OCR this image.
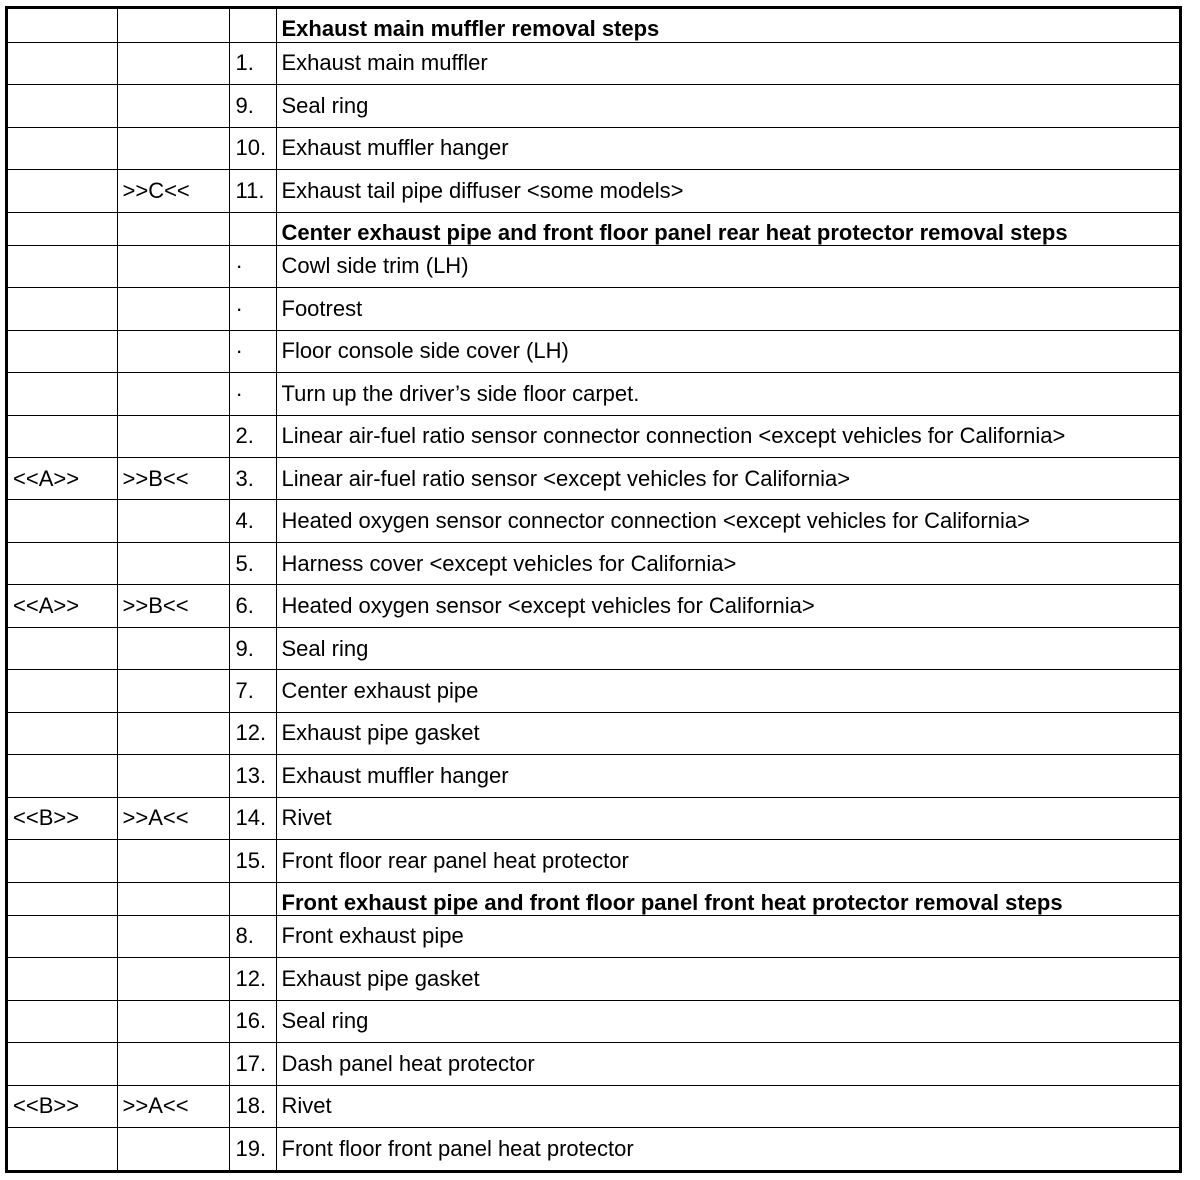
			Exhaust main muffler removal steps
		1.	Exhaust main muffler
		9.	Seal ring
		10.	Exhaust muffler hanger
	>>C<<	11.	Exhaust tail pipe diffuser <some models>
			Center exhaust pipe and front floor panel rear heat protector removal steps
		·	Cowl side trim (LH)
		·	Footrest
		·	Floor console side cover (LH)
		·	Turn up the driver’s side floor carpet.
		2.	Linear air-fuel ratio sensor connector connection <except vehicles for California>
<<A>>	>>B<<	3.	Linear air-fuel ratio sensor <except vehicles for California>
		4.	Heated oxygen sensor connector connection <except vehicles for California>
		5.	Harness cover <except vehicles for California>
<<A>>	>>B<<	6.	Heated oxygen sensor <except vehicles for California>
		9.	Seal ring
		7.	Center exhaust pipe
		12.	Exhaust pipe gasket
		13.	Exhaust muffler hanger
<<B>>	>>A<<	14.	Rivet
		15.	Front floor rear panel heat protector
			Front exhaust pipe and front floor panel front heat protector removal steps
		8.	Front exhaust pipe
		12.	Exhaust pipe gasket
		16.	Seal ring
		17.	Dash panel heat protector
<<B>>	>>A<<	18.	Rivet
		19.	Front floor front panel heat protector
